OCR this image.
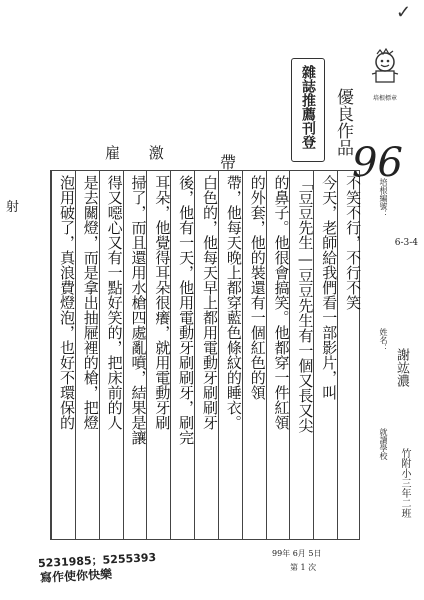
✓
培根標章
雜誌推薦刊登 優良作品
96
雇 激	帶
射	不笑不行，不行不笑
今天，老師給我們看一部影片，叫
「豆豆先生—豆豆先生有一個又長又尖
的鼻子。他很會搞笑。他都穿一件紅領
的外套，他的裝還有一個紅色的領
帶，他每天晚上都穿藍色條紋的睡衣。
白色的，他每天早上都用電動牙刷刷牙
後，他有一天，他用電動牙刷刷牙，刷完
耳朵，他覺得耳朵很癢，就用電動牙刷
掃了，而且還用水槍四處亂噴，結果是讓
得又噁心又有一點好笑的，把床前的人
是去關燈，而是拿出抽屜裡的槍，把燈
泡用破了，真浪費燈泡，也好不環保的	培根編號：
6-3-4
姓名：
謝竑濃
就讀學校
竹附小三年二班
5231985；5255393
寫作使你快樂
99年 6月 5日
第 1 次
